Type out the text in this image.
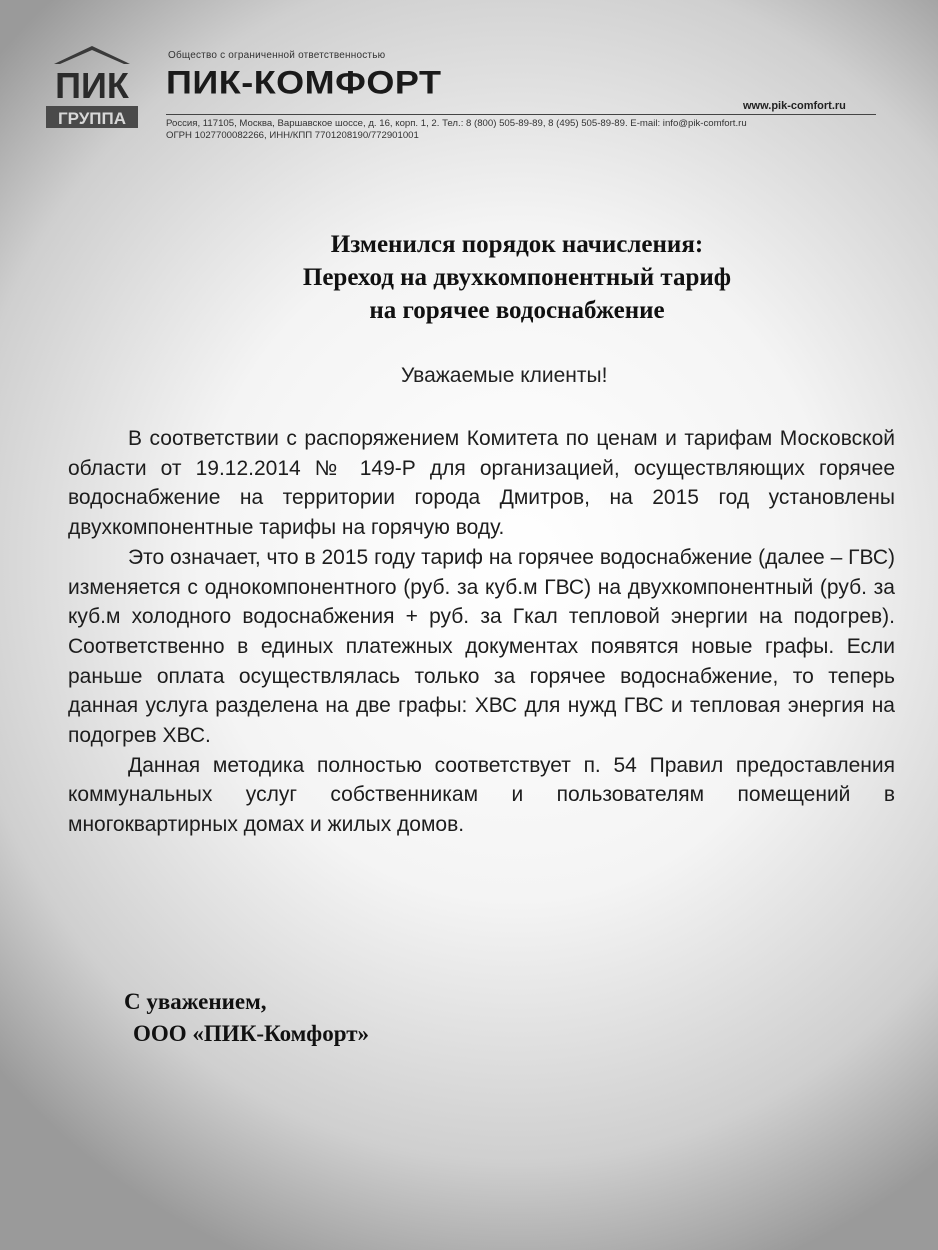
ПИК
ГРУППА
Общество с ограниченной ответственностью
ПИК-КОМФОРТ
www.pik-comfort.ru
Россия, 117105, Москва, Варшавское шоссе, д. 16, корп. 1, 2. Тел.: 8 (800) 505-89-89, 8 (495) 505-89-89. E-mail: info@pik-comfort.ru
ОГРН 1027700082266, ИНН/КПП 7701208190/772901001
Изменился порядок начисления:
Переход на двухкомпонентный тариф
на горячее водоснабжение
Уважаемые клиенты!

В соответствии с распоряжением Комитета по ценам и тарифам Московской области от 19.12.2014 № 149-Р для организацией, осуществляющих горячее водоснабжение на территории города Дмитров, на 2015 год установлены двухкомпонентные тарифы на горячую воду.

Это означает, что в 2015 году тариф на горячее водоснабжение (далее – ГВС) изменяется с однокомпонентного (руб. за куб.м ГВС) на двухкомпонентный (руб. за куб.м холодного водоснабжения + руб. за Гкал тепловой энергии на подогрев). Соответственно в единых платежных документах появятся новые графы. Если раньше оплата осуществлялась только за горячее водоснабжение, то теперь данная услуга разделена на две графы: ХВС для нужд ГВС и тепловая энергия на подогрев ХВС.

Данная методика полностью соответствует п. 54 Правил предоставления коммунальных услуг собственникам и пользователям помещений в многоквартирных домах и жилых домов.

С уважением,
ООО «ПИК-Комфорт»
